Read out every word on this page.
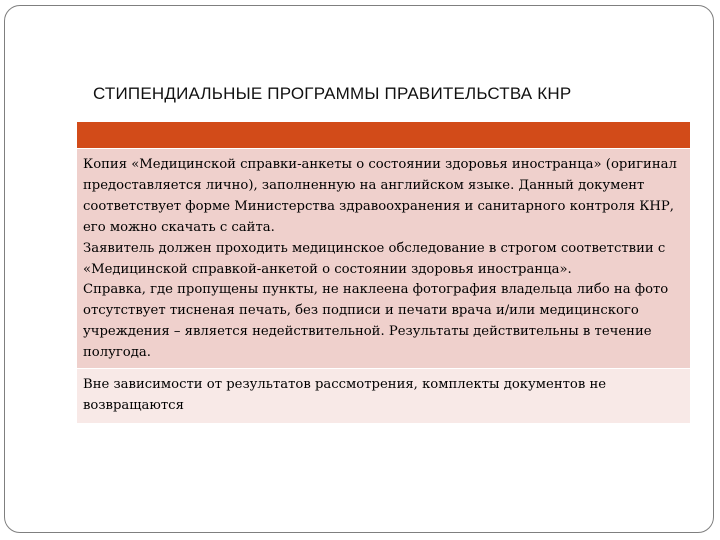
СТИПЕНДИАЛЬНЫЕ ПРОГРАММЫ ПРАВИТЕЛЬСТВА КНР

Копия «Медицинской справки-анкеты о состоянии здоровья иностранца» (оригинал предоставляется лично), заполненную на английском языке. Данный документ соответствует форме Министерства здравоохранения и санитарного контроля КНР, его можно скачать с сайта.

Заявитель должен проходить медицинское обследование в строгом соответствии с «Медицинской справкой-анкетой о состоянии здоровья иностранца».

Справка, где пропущены пункты, не наклеена фотография владельца либо на фото отсутствует тисненая печать, без подписи и печати врача и/или медицинского учреждения – является недействительной. Результаты действительны в течение полугода.

Вне зависимости от результатов рассмотрения, комплекты документов не возвращаются
